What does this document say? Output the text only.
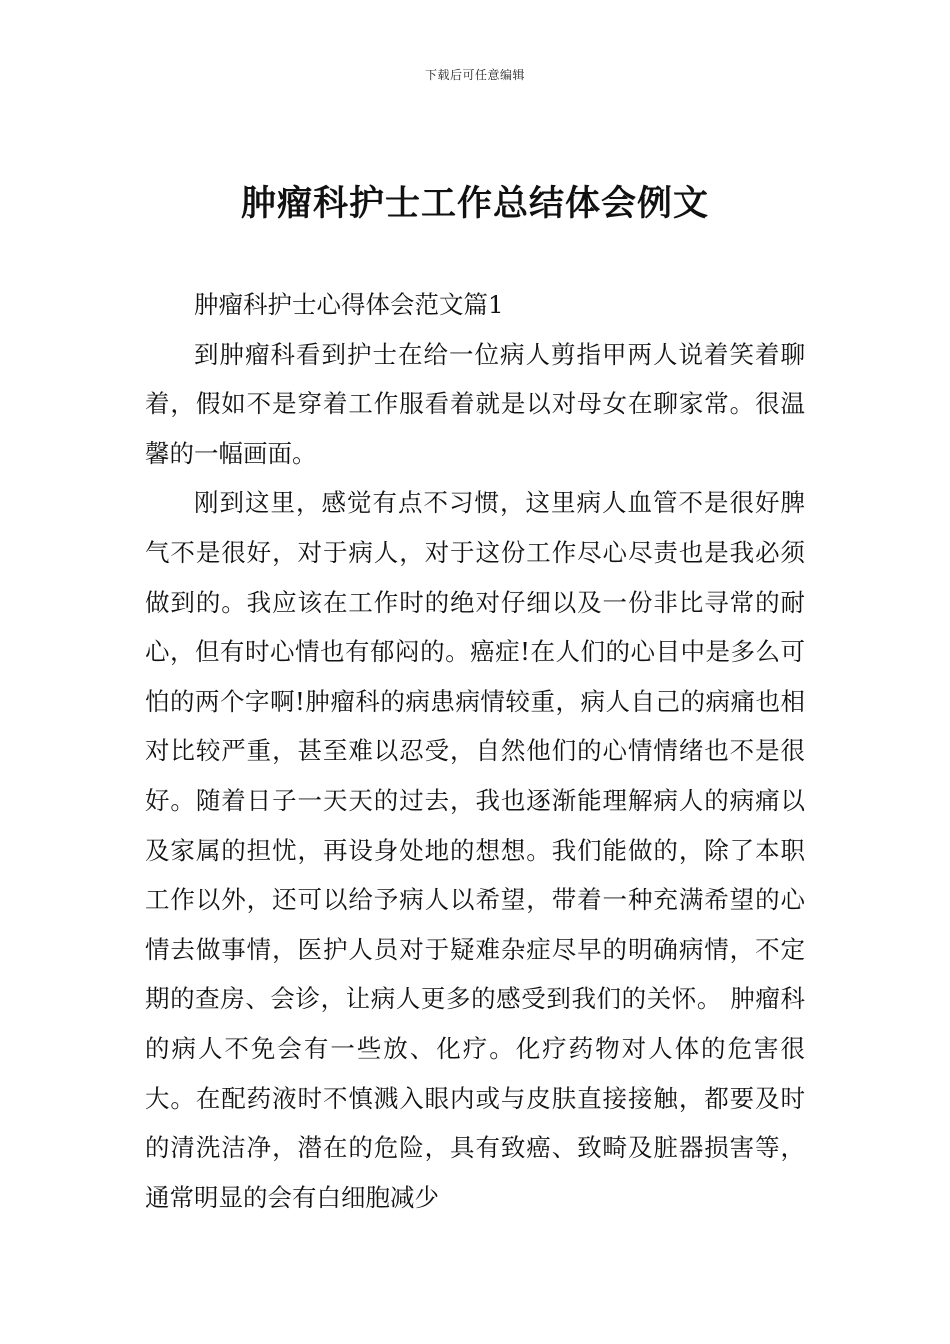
下载后可任意编辑
肿瘤科护士工作总结体会例文

肿瘤科护士心得体会范文篇1

到肿瘤科看到护士在给一位病人剪指甲两人说着笑着聊着，假如不是穿着工作服看着就是以对母女在聊家常。很温馨的一幅画面。

刚到这里，感觉有点不习惯，这里病人血管不是很好脾气不是很好，对于病人，对于这份工作尽心尽责也是我必须做到的。我应该在工作时的绝对仔细以及一份非比寻常的耐心，但有时心情也有郁闷的。癌症!在人们的心目中是多么可怕的两个字啊!肿瘤科的病患病情较重，病人自己的病痛也相对比较严重，甚至难以忍受，自然他们的心情情绪也不是很好。随着日子一天天的过去，我也逐渐能理解病人的病痛以及家属的担忧，再设身处地的想想。我们能做的，除了本职工作以外，还可以给予病人以希望，带着一种充满希望的心情去做事情，医护人员对于疑难杂症尽早的明确病情，不定期的查房、会诊，让病人更多的感受到我们的关怀。 肿瘤科的病人不免会有一些放、化疗。化疗药物对人体的危害很大。在配药液时不慎溅入眼内或与皮肤直接接触，都要及时的清洗洁净，潜在的危险，具有致癌、致畸及脏器损害等，通常明显的会有白细胞减少
